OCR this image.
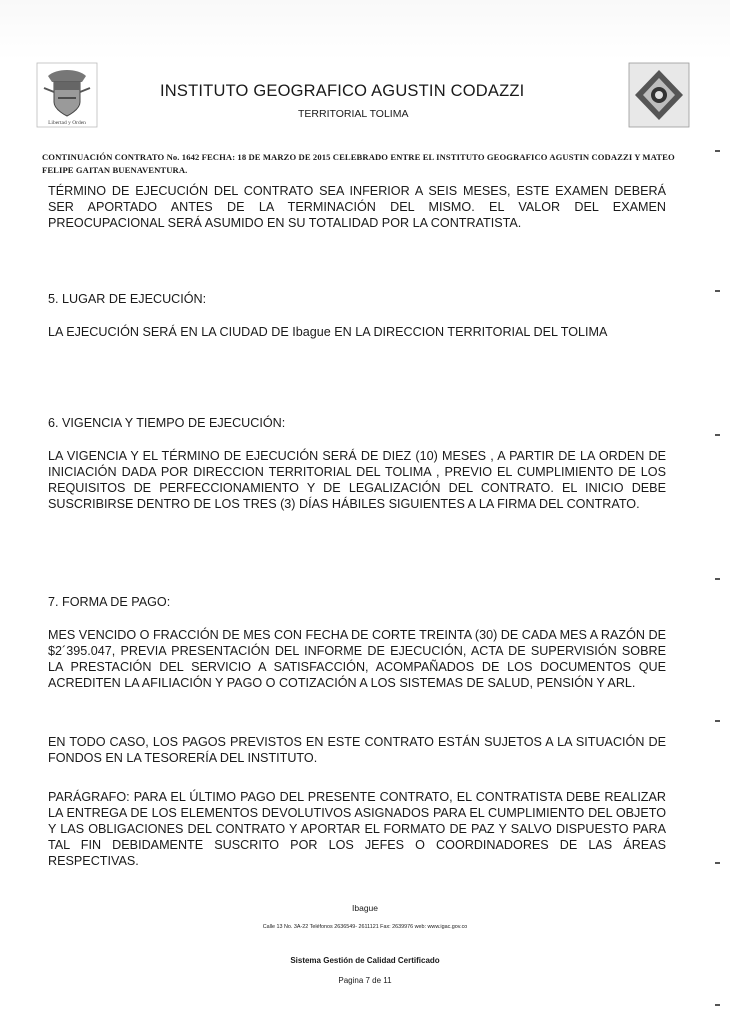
Libertad y Orden
INSTITUTO GEOGRAFICO AGUSTIN CODAZZI
TERRITORIAL TOLIMA
CONTINUACIÓN CONTRATO No. 1642 FECHA: 18 DE MARZO DE 2015 CELEBRADO ENTRE EL INSTITUTO GEOGRAFICO AGUSTIN CODAZZI Y MATEO FELIPE GAITAN BUENAVENTURA.
TÉRMINO DE EJECUCIÓN DEL CONTRATO SEA INFERIOR A SEIS MESES, ESTE EXAMEN DEBERÁ SER APORTADO ANTES DE LA TERMINACIÓN DEL MISMO. EL VALOR DEL EXAMEN PREOCUPACIONAL SERÁ ASUMIDO EN SU TOTALIDAD POR LA CONTRATISTA.
5. LUGAR DE EJECUCIÓN:
LA EJECUCIÓN SERÁ EN LA CIUDAD DE Ibague EN LA DIRECCION TERRITORIAL DEL TOLIMA
6. VIGENCIA Y TIEMPO DE EJECUCIÓN:
LA VIGENCIA Y EL TÉRMINO DE EJECUCIÓN SERÁ DE DIEZ (10) MESES , A PARTIR DE LA ORDEN DE INICIACIÓN DADA POR DIRECCION TERRITORIAL DEL TOLIMA , PREVIO EL CUMPLIMIENTO DE LOS REQUISITOS DE PERFECCIONAMIENTO Y DE LEGALIZACIÓN DEL CONTRATO. EL INICIO DEBE SUSCRIBIRSE DENTRO DE LOS TRES (3) DÍAS HÁBILES SIGUIENTES A LA FIRMA DEL CONTRATO.
7. FORMA DE PAGO:
MES VENCIDO O FRACCIÓN DE MES CON FECHA DE CORTE TREINTA (30) DE CADA MES A RAZÓN DE $2´395.047, PREVIA PRESENTACIÓN DEL INFORME DE EJECUCIÓN, ACTA DE SUPERVISIÓN SOBRE LA PRESTACIÓN DEL SERVICIO A SATISFACCIÓN, ACOMPAÑADOS DE LOS DOCUMENTOS QUE ACREDITEN LA AFILIACIÓN Y PAGO O COTIZACIÓN A LOS SISTEMAS DE SALUD, PENSIÓN Y ARL.
EN TODO CASO, LOS PAGOS PREVISTOS EN ESTE CONTRATO ESTÁN SUJETOS A LA SITUACIÓN DE FONDOS EN LA TESORERÍA DEL INSTITUTO.
PARÁGRAFO: PARA EL ÚLTIMO PAGO DEL PRESENTE CONTRATO, EL CONTRATISTA DEBE REALIZAR LA ENTREGA DE LOS ELEMENTOS DEVOLUTIVOS ASIGNADOS PARA EL CUMPLIMIENTO DEL OBJETO Y LAS OBLIGACIONES DEL CONTRATO Y APORTAR EL FORMATO DE PAZ Y SALVO DISPUESTO PARA TAL FIN DEBIDAMENTE SUSCRITO POR LOS JEFES O COORDINADORES DE LAS ÁREAS RESPECTIVAS.
Ibague
Calle 13 No. 3A-22 Teléfonos 2636549- 2611121 Fax: 2639976 web: www.igac.gov.co
Sistema Gestión de Calidad Certificado
Pagina 7 de 11
